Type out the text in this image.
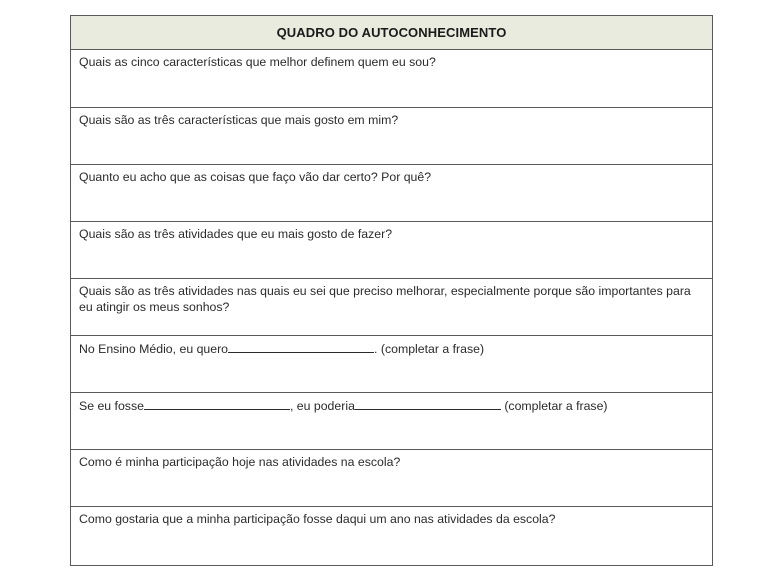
QUADRO DO AUTOCONHECIMENTO
Quais as cinco características que melhor definem quem eu sou?
Quais são as três características que mais gosto em mim?
Quanto eu acho que as coisas que faço vão dar certo? Por quê?
Quais são as três atividades que eu mais gosto de fazer?
Quais são as três atividades nas quais eu sei que preciso melhorar, especialmente porque são importantes para eu atingir os meus sonhos?
No Ensino Médio, eu quero	. (completar a frase)
Se eu fosse	, eu poderia	(completar a frase)
Como é minha participação hoje nas atividades na escola?
Como gostaria que a minha participação fosse daqui um ano nas atividades da escola?
